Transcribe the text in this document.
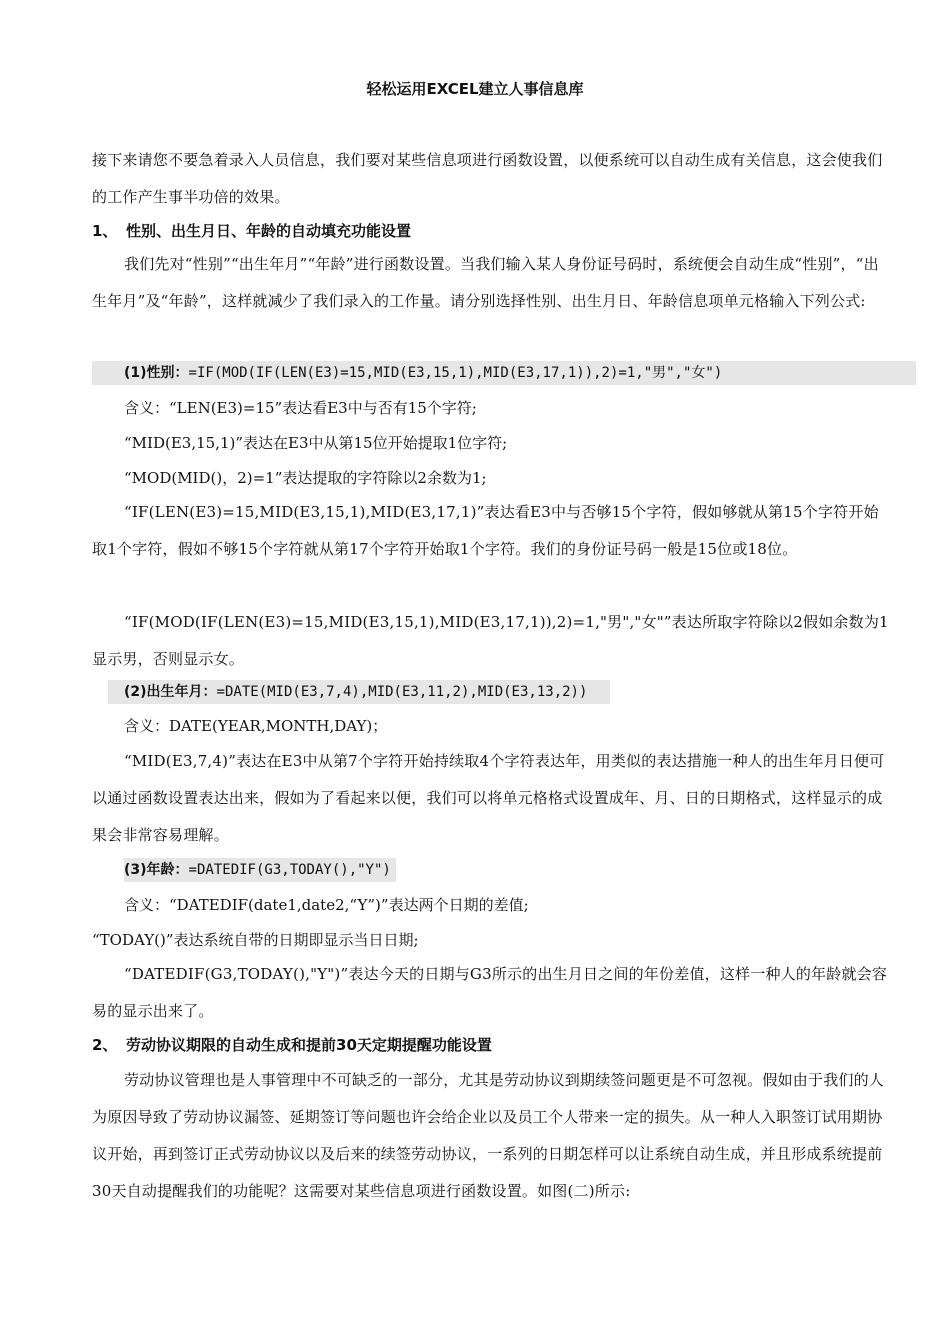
轻松运用EXCEL建立人事信息库
接下来请您不要急着录入人员信息，我们要对某些信息项进行函数设置，以便系统可以自动生成有关信息，这会使我们的工作产生事半功倍的效果。
1、 性别、出生月日、年龄的自动填充功能设置
我们先对“性别”“出生年月”“年龄”进行函数设置。当我们输入某人身份证号码时，系统便会自动生成“性别”，“出生年月”及“年龄”，这样就减少了我们录入的工作量。请分别选择性别、出生月日、年龄信息项单元格输入下列公式:
(1)性别：=IF(MOD(IF(LEN(E3)=15,MID(E3,15,1),MID(E3,17,1)),2)=1,"男","女")
含义：“LEN(E3)=15”表达看E3中与否有15个字符;
“MID(E3,15,1)”表达在E3中从第15位开始提取1位字符;
“MOD(MID()，2)=1”表达提取的字符除以2余数为1;
“IF(LEN(E3)=15,MID(E3,15,1),MID(E3,17,1)”表达看E3中与否够15个字符，假如够就从第15个字符开始取1个字符，假如不够15个字符就从第17个字符开始取1个字符。我们的身份证号码一般是15位或18位。
“IF(MOD(IF(LEN(E3)=15,MID(E3,15,1),MID(E3,17,1)),2)=1,"男","女"”表达所取字符除以2假如余数为1显示男，否则显示女。
(2)出生年月：=DATE(MID(E3,7,4),MID(E3,11,2),MID(E3,13,2))
含义：DATE(YEAR,MONTH,DAY)；
“MID(E3,7,4)”表达在E3中从第7个字符开始持续取4个字符表达年，用类似的表达措施一种人的出生年月日便可以通过函数设置表达出来，假如为了看起来以便，我们可以将单元格格式设置成年、月、日的日期格式，这样显示的成果会非常容易理解。
(3)年龄：=DATEDIF(G3,TODAY(),"Y")
含义：“DATEDIF(date1,date2,“Y”)”表达两个日期的差值;
“TODAY()”表达系统自带的日期即显示当日日期;
“DATEDIF(G3,TODAY(),"Y")”表达今天的日期与G3所示的出生月日之间的年份差值，这样一种人的年龄就会容易的显示出来了。
2、 劳动协议期限的自动生成和提前30天定期提醒功能设置
劳动协议管理也是人事管理中不可缺乏的一部分，尤其是劳动协议到期续签问题更是不可忽视。假如由于我们的人为原因导致了劳动协议漏签、延期签订等问题也许会给企业以及员工个人带来一定的损失。从一种人入职签订试用期协议开始，再到签订正式劳动协议以及后来的续签劳动协议，一系列的日期怎样可以让系统自动生成，并且形成系统提前30天自动提醒我们的功能呢？这需要对某些信息项进行函数设置。如图(二)所示:
